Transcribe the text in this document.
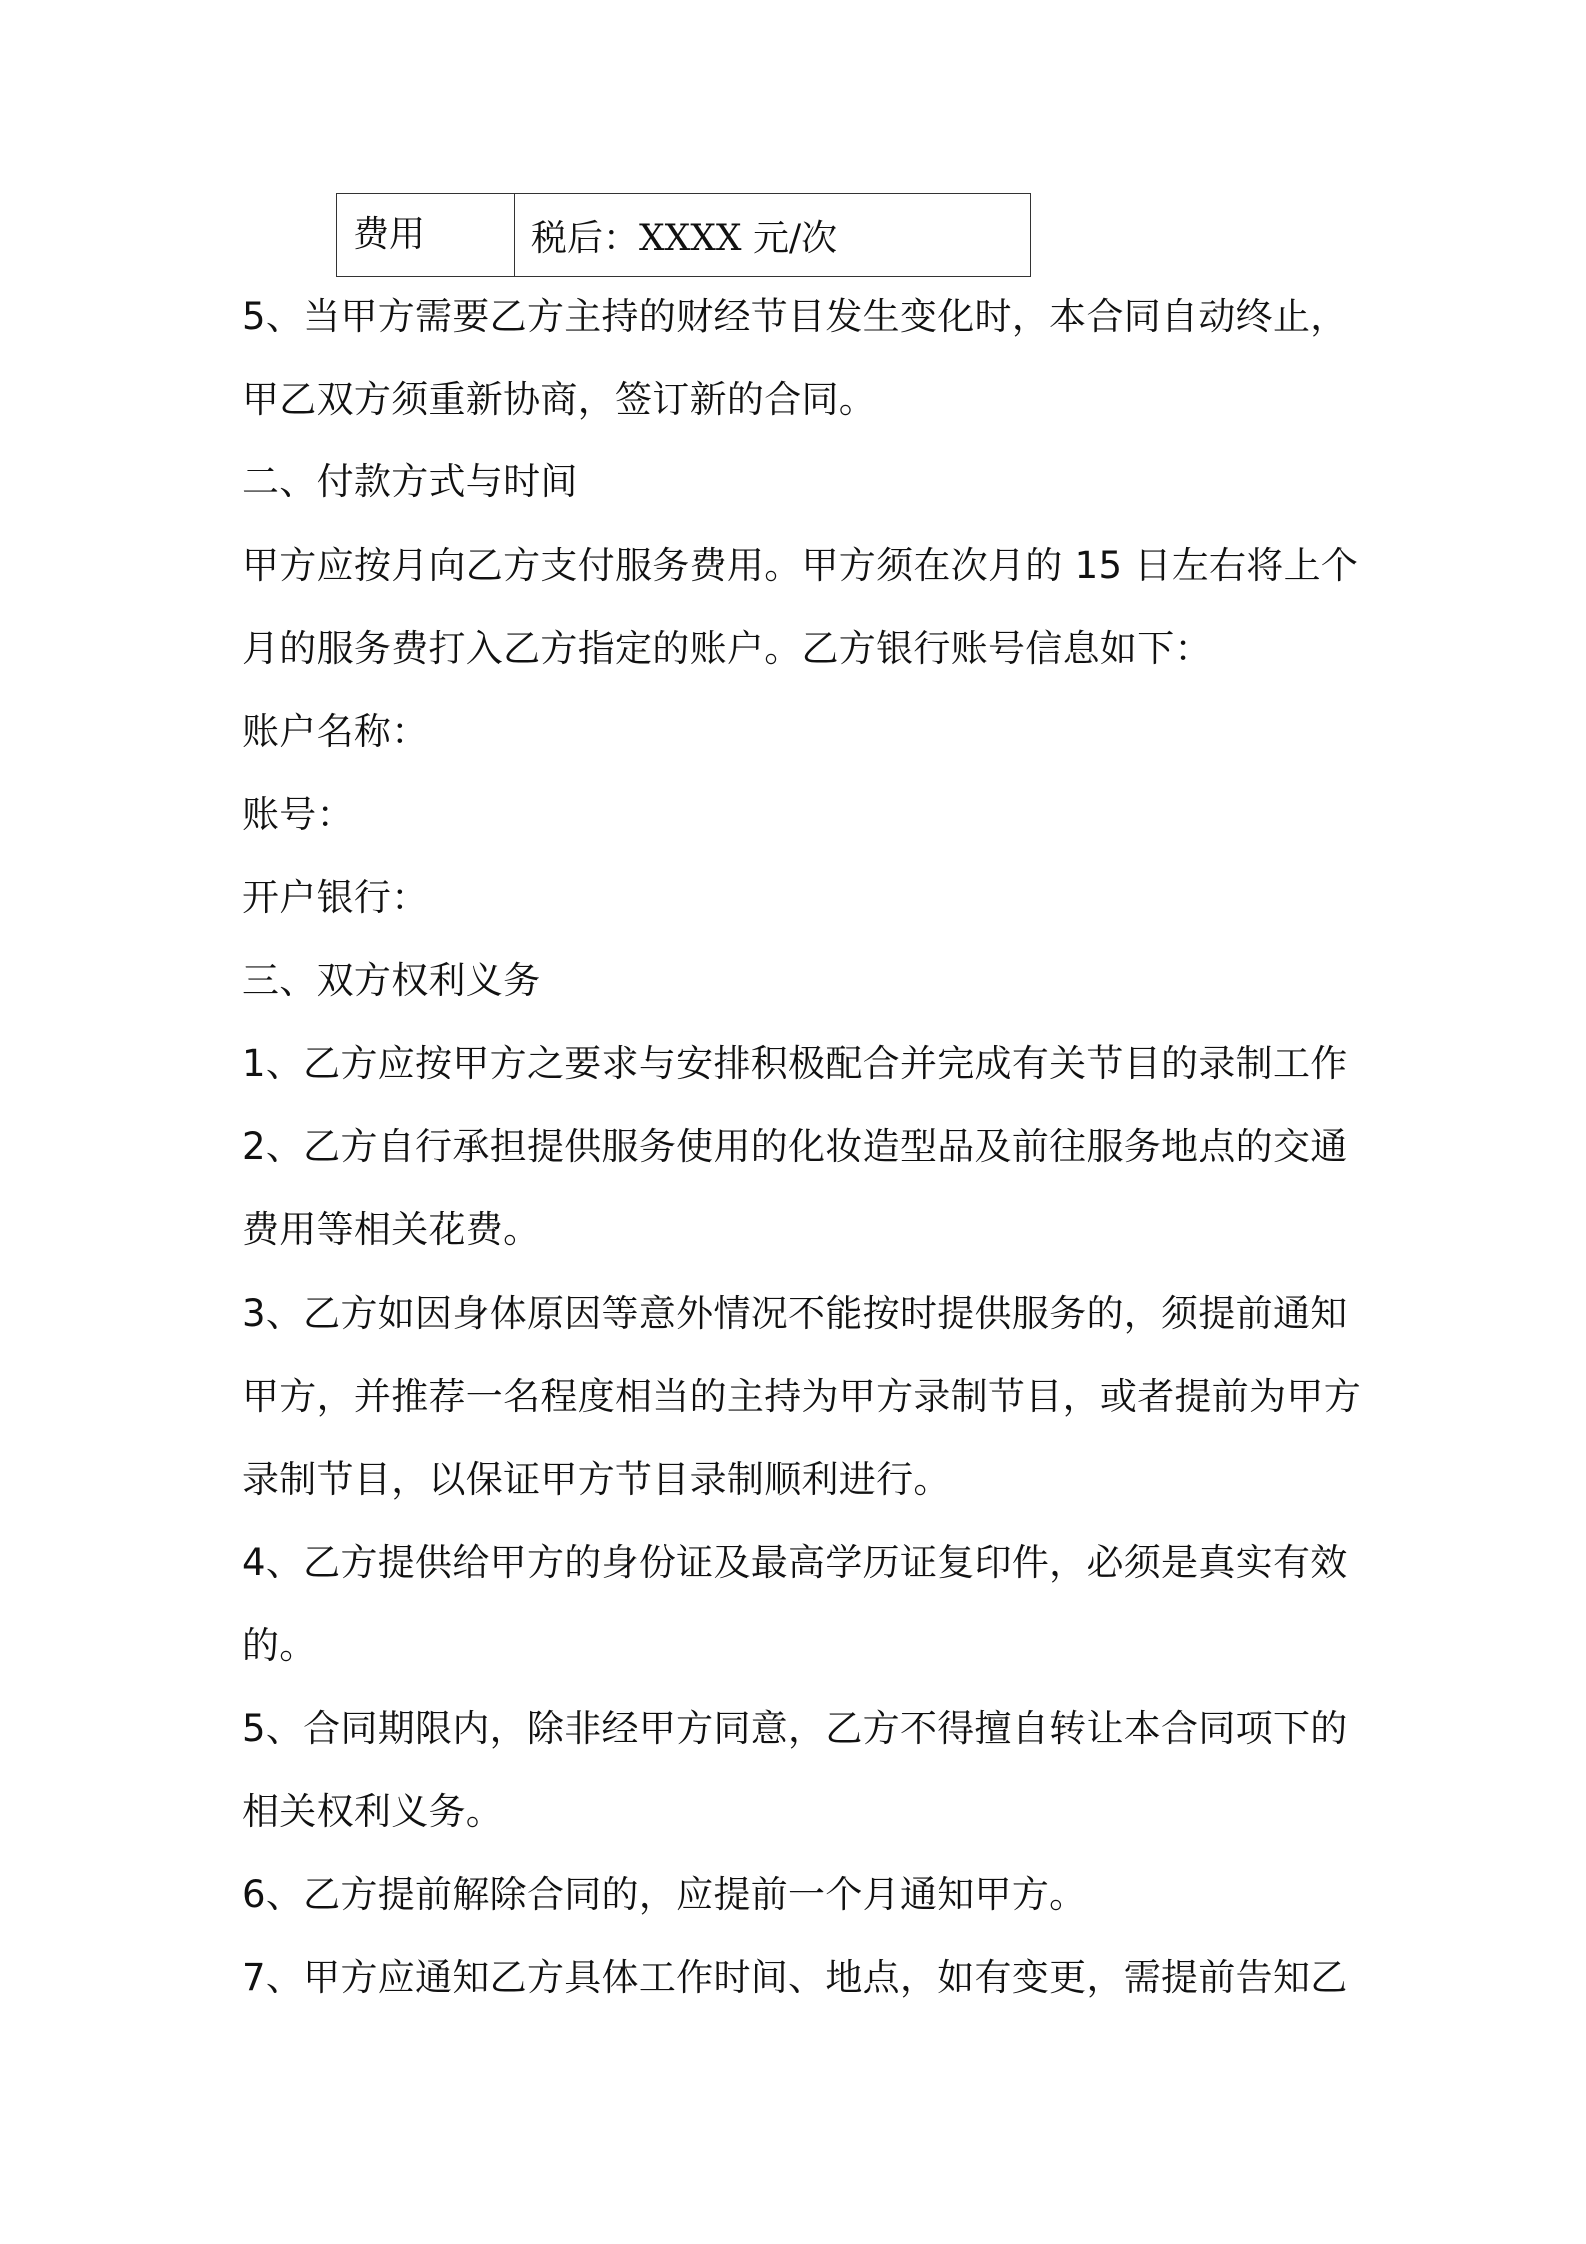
费用	税后：XXXX 元/次

5、当甲方需要乙方主持的财经节目发生变化时，本合同自动终止，

甲乙双方须重新协商，签订新的合同。

二、付款方式与时间

甲方应按月向乙方支付服务费用。甲方须在次月的 15 日左右将上个

月的服务费打入乙方指定的账户。乙方银行账号信息如下：

账户名称：

账号：

开户银行：

三、双方权利义务

1、乙方应按甲方之要求与安排积极配合并完成有关节目的录制工作

2、乙方自行承担提供服务使用的化妆造型品及前往服务地点的交通

费用等相关花费。

3、乙方如因身体原因等意外情况不能按时提供服务的，须提前通知

甲方，并推荐一名程度相当的主持为甲方录制节目，或者提前为甲方

录制节目，以保证甲方节目录制顺利进行。

4、乙方提供给甲方的身份证及最高学历证复印件，必须是真实有效

的。

5、合同期限内，除非经甲方同意，乙方不得擅自转让本合同项下的

相关权利义务。

6、乙方提前解除合同的，应提前一个月通知甲方。

7、甲方应通知乙方具体工作时间、地点，如有变更，需提前告知乙
